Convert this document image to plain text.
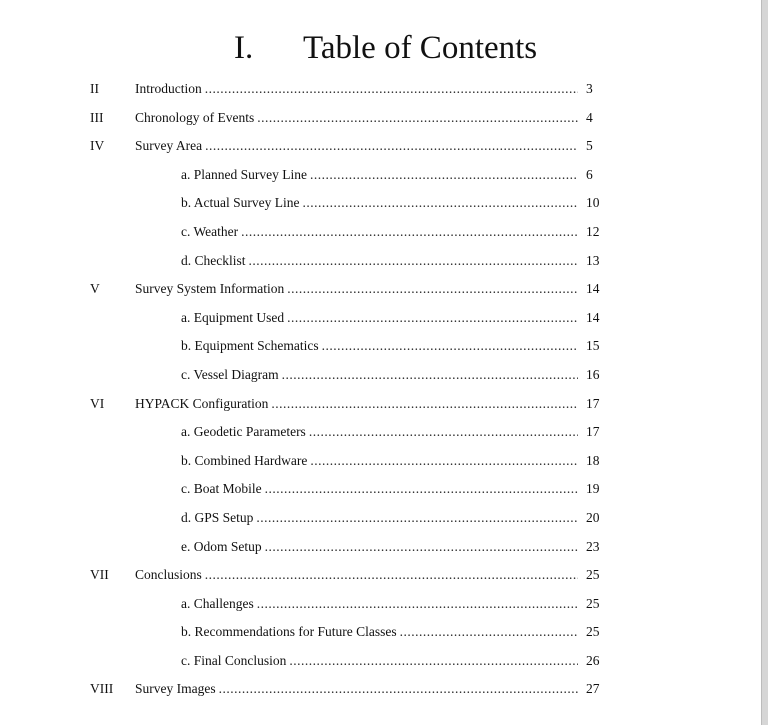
I. Table of Contents
II	Introduction .....	3
III Chronology of Events .....	4
IV Survey Area .....	5
a. Planned Survey Line .....	6
b. Actual Survey Line .....	10
c. Weather .....	12
d. Checklist .....	13
V	Survey System Information .....	14
a. Equipment Used .....	14
b. Equipment Schematics .....	15
c. Vessel Diagram .....	16
VI HYPACK Configuration .....	17
a. Geodetic Parameters .....	17
b. Combined Hardware .....	18
c. Boat Mobile .....	19
d. GPS Setup .....	20
e. Odom Setup .....	23
VII Conclusions .....	25
a. Challenges .....	25
b. Recommendations for Future Classes .....	25
c. Final Conclusion .....	26
VIII Survey Images .....	27
